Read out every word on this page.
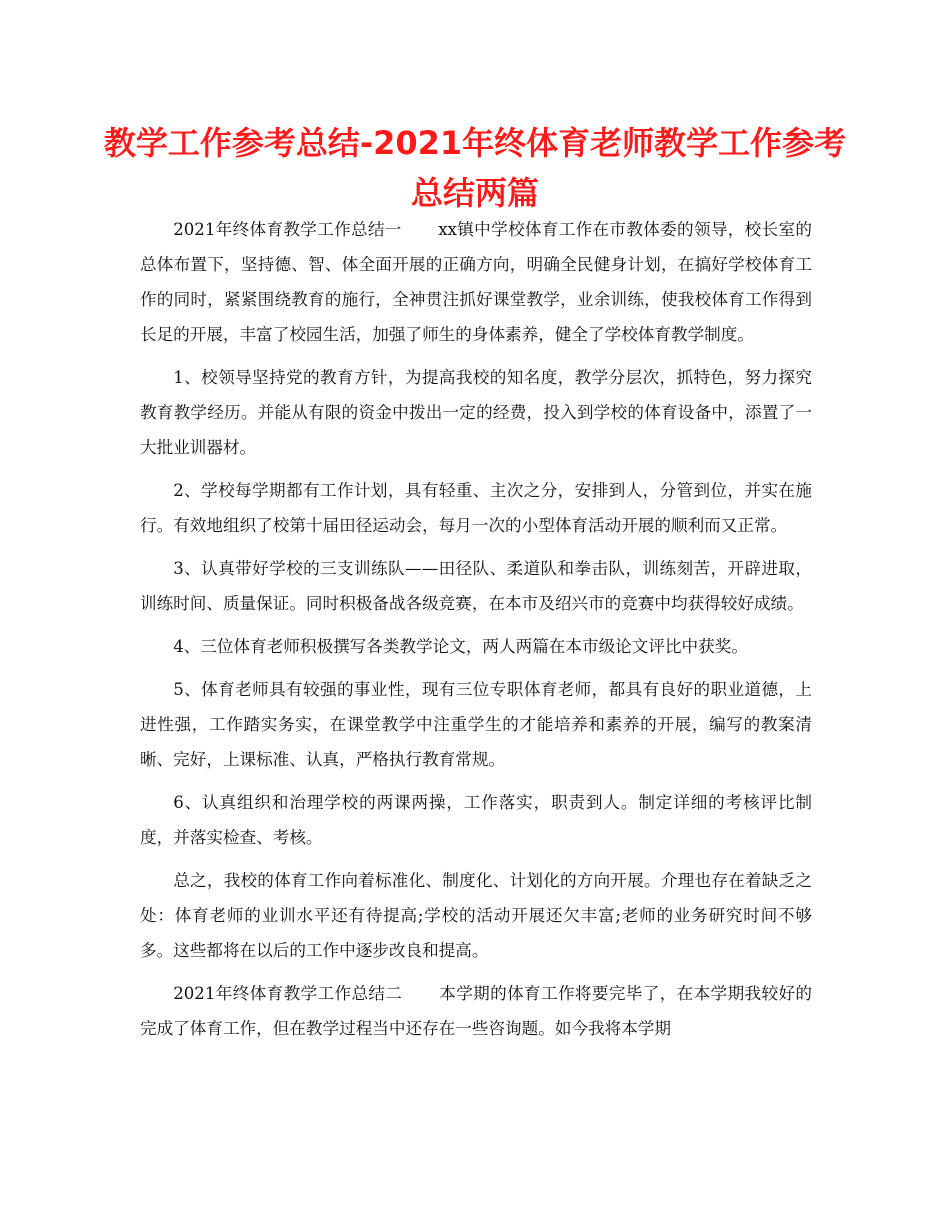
教学工作参考总结-2021年终体育老师教学工作参考总结两篇

2021年终体育教学工作总结一 xx镇中学校体育工作在市教体委的领导，校长室的总体布置下，坚持德、智、体全面开展的正确方向，明确全民健身计划，在搞好学校体育工作的同时，紧紧围绕教育的施行，全神贯注抓好课堂教学，业余训练，使我校体育工作得到长足的开展，丰富了校园生活，加强了师生的身体素养，健全了学校体育教学制度。

1、校领导坚持党的教育方针，为提高我校的知名度，教学分层次，抓特色，努力探究教育教学经历。并能从有限的资金中拨出一定的经费，投入到学校的体育设备中，添置了一大批业训器材。

2、学校每学期都有工作计划，具有轻重、主次之分，安排到人，分管到位，并实在施行。有效地组织了校第十届田径运动会，每月一次的小型体育活动开展的顺利而又正常。

3、认真带好学校的三支训练队——田径队、柔道队和拳击队，训练刻苦，开辟进取，训练时间、质量保证。同时积极备战各级竞赛，在本市及绍兴市的竞赛中均获得较好成绩。

4、三位体育老师积极撰写各类教学论文，两人两篇在本市级论文评比中获奖。

5、体育老师具有较强的事业性，现有三位专职体育老师，都具有良好的职业道德，上进性强，工作踏实务实，在课堂教学中注重学生的才能培养和素养的开展，编写的教案清晰、完好，上课标准、认真，严格执行教育常规。

6、认真组织和治理学校的两课两操，工作落实，职责到人。制定详细的考核评比制度，并落实检查、考核。

总之，我校的体育工作向着标准化、制度化、计划化的方向开展。介理也存在着缺乏之处：体育老师的业训水平还有待提高;学校的活动开展还欠丰富;老师的业务研究时间不够多。这些都将在以后的工作中逐步改良和提高。

2021年终体育教学工作总结二 本学期的体育工作将要完毕了，在本学期我较好的完成了体育工作，但在教学过程当中还存在一些咨询题。如今我将本学期
